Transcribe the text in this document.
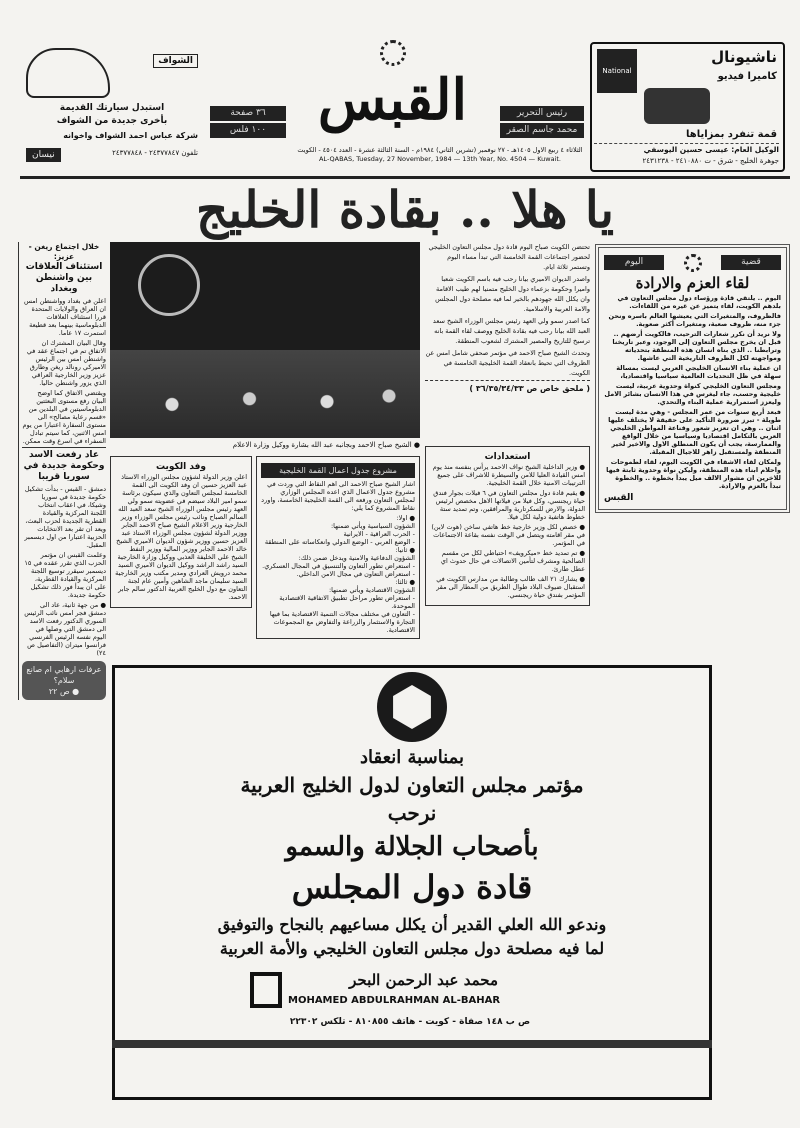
الشواف
استبدل سيارتك القديمة
بأخرى جديدة من الشواف
شركة عباس احمد الشواف واخوانه
نيسان	تلفون ٢٤٣٧٧٨٤٧ - ٢٤٣٧٧٨٤٨
٣٦ صفحة
١٠٠ فلس القبس	رئيس التحرير
محمد جاسم الصقر
الثلاثاء ٤ ربيع الاول ١٤٠٥هـ - ٢٧ نوفمبر (تشرين الثاني) ١٩٨٤م - السنة الثالثة عشرة - العدد ٤٥٠٤ - الكويت
AL-QABAS, Tuesday, 27 November, 1984 — 13th Year, No. 4504 — Kuwait.
National
ناشيونال
كاميرا فيديو
قمة تنفرد بمزاياها
الوكيل العام: عيسى حسين اليوسفي
جوهرة الخليج - شرق - ت ٢٤١٠٨٨٠ - ٢٤٣١٢٣٨
يا هلا .. بقادة الخليج
خلال اجتماع ريغن - عزيز:
استئناف العلاقات بين واشنطن وبغداد

اعلن في بغداد وواشنطن امس ان العراق والولايات المتحدة قررا استئناف العلاقات الدبلوماسية بينهما بعد قطيعة استمرت ١٧ عاما.

وقال البيان المشترك ان الاتفاق تم في اجتماع عقد في واشنطن امس بين الرئيس الاميركي رونالد ريغن وطارق عزيز وزير الخارجية العراقي الذي يزور واشنطن حاليا.

ويقتضي الاتفاق كما اوضح البيان رفع مستوى البعثتين الدبلوماسيتين في البلدين من «قسم رعاية مصالح» الى مستوى السفارة اعتبارا من يوم امس الاثنين، كما سيتم تبادل السفراء في اسرع وقت ممكن.

عاد رفعت الاسد وحكومة جديدة في سوريا قريبا

دمشق - القبس - بدأت تشكيل حكومة جديدة في سوريا وشيكا، في اعقاب انتخاب اللجنة المركزية والقيادة القطرية الجديدة لحزب البعث، ويعد ان تقر بعد الانتخابات الحزبية اعتبارا من اول ديسمبر المقبل.

وعلمت القبس ان مؤتمر الحزب الذي تقرر عقده في ١٥ ديسمبر سيقرر توسيع اللجنة المركزية والقيادة القطرية، على ان يبدأ فور ذلك تشكيل حكومة جديدة.

● من جهة ثانية، عاد الى دمشق فجر امس نائب الرئيس السوري الدكتور رفعت الاسد الى دمشق التي وصلها في اليوم نفسه الرئيس الفرنسي فرانسوا ميتران (التفاصيل ص ٢٤)

عرفات ارهابي ام صانع سلام؟
● ص ٢٢
● الشيخ صباح الاحمد وبجانبه عبد الله بشارة ووكيل وزارة الاعلام

تحتضن الكويت صباح اليوم قادة دول مجلس التعاون الخليجي لحضور اجتماعات القمة الخامسة التي تبدأ مساء اليوم وتستمر ثلاثة ايام.

واصدر الديوان الاميري بيانا رحب فيه باسم الكويت شعبا واميرا وحكومة بزعماء دول الخليج متمنيا لهم طيب الاقامة وان يكلل الله جهودهم بالخير لما فيه مصلحة دول المجلس والامة العربية والاسلامية.

كما اصدر سمو ولي العهد رئيس مجلس الوزراء الشيخ سعد العبد الله بيانا رحب فيه بقادة الخليج ووصف لقاء القمة بانه ترسيخ للتاريخ والمصير المشترك لشعوب المنطقة.

وتحدث الشيخ صباح الاحمد في مؤتمر صحفي شامل امس عن الظروف التي تحيط بانعقاد القمة الخليجية الخامسة في الكويت.

( ملحق خاص ص ٣٦/٣٥/٣٤/٣٣ )
قضية
اليوم
لقاء العزم والارادة

اليوم .. يلتقي قادة ورؤساء دول مجلس التعاون في بلدهم الكويت، لقاء يتميز عن غيره من اللقاءات.

فالظروف، والمتغيرات التي يعيشها العالم باسره ونحن جزء منه، ظروف صعبة، ومتغيرات أكثر صعوبة.

ولا نريد أن نكرر شعارات الترحيب، فالكويت أرضهم .. قبل ان يخرج مجلس التعاون إلى الوجود، وعبر تاريخنا وترابطنا .. الذي بناه انسان هذه المنطقة بتحدياته ومواجهته لكل الظروف التاريخية التي عاشها.

ان عملية بناء الانسان الخليجي العربي ليست بمسالة سهلة في ظل التحديات العالمية سياسيا واقتصاديا،

ومجلس التعاون الخليجي كنواة وحدوية عربية، ليست خليجية وحسب، جاء ليغرس في هذا الانسان بشائر الامل وليعزز استمرارية عملية البناء والتحدي.

فبعد أربع سنوات من عمر المجلس - وهي مدة ليست طويلة - تبرز ضرورة التأكيد على حقيقة لا يختلف عليها اثنان .. وهي ان تعزيز شعور وقناعة المواطن الخليجي العربي بالتكامل اقتصاديا وسياسيا من خلال الواقع والممارسة، يجب أن يكون المنطلق الاول والاخير لخير المنطقة ولمستقبل زاهر للاجيال المقبلة.

ولمكان لقاء الاشقاء في الكويت اليوم، لقاء لطموحات واحلام ابناء هذه المنطقة، وليكن نواة وحدوية ثابتة فيها للاخرين ان مشوار الالف ميل يبدأ بخطوة .. والخطوة تبدأ بالعزم والارادة.

القبس
وفد الكويت

اعلن وزير الدولة لشؤون مجلس الوزراء الاستاذ عبد العزيز حسين ان وفد الكويت الى القمة الخامسة لمجلس التعاون والذي سيكون برئاسة سمو امير البلاد سيضم في عضويته سمو ولي العهد رئيس مجلس الوزراء الشيخ سعد العبد الله السالم الصباح ونائب رئيس مجلس الوزراء وزير الخارجية وزير الاعلام الشيخ صباح الاحمد الجابر ووزير الدولة لشؤون مجلس الوزراء الاستاذ عبد العزيز حسين ووزير شؤون الديوان الاميري الشيخ خالد الاحمد الجابر ووزير المالية ووزير النفط الشيخ علي الخليفة العذبي ووكيل وزارة الخارجية السيد راشد الراشد ووكيل الديوان الاميري السيد محمد درويش العرادي ومدير مكتب وزير الخارجية السيد سليمان ماجد الشاهين وأمين عام لجنة التعاون مع دول الخليج العربية الدكتور سالم جابر الاحمد.

مشروع جدول اعمال القمة الخليجية

اشار الشيخ صباح الاحمد الى اهم النقاط التي وردت في مشروع جدول الاعمال الذي اعده المجلس الوزاري لمجلس التعاون ورفعه الى القمة الخليجية الخامسة، واورد نقاط المشروع كما يلي:

● اولا:
الشؤون السياسية ويأتي ضمنها:
- الحرب العراقية - الايرانية
- الوضع العربي - الوضع الدولي وانعكاساته على المنطقة
● ثانيا:
الشؤون الدفاعية والامنية ويدخل ضمن ذلك:
- استعراض تطور التعاون والتنسيق في المجال العسكري.
- استعراض التعاون في مجال الامن الداخلي.
● ثالثا:
الشؤون الاقتصادية ويأتي ضمنها:
- استعراض تطور مراحل تطبيق الاتفاقية الاقتصادية الموحدة.
- التعاون في مختلف مجالات التنمية الاقتصادية بما فيها التجارة والاستثمار والزراعة والتفاوض مع المجموعات الاقتصادية.
استعدادات

● وزير الداخلية الشيخ نواف الاحمد يرأس بنفسه منذ يوم امس القيادة العليا للامن والسيطرة للاشراف على جميع الترتيبات الامنية خلال القمة الخليجية.

● يقيم قادة دول مجلس التعاون في ٦ فيلات بجوار فندق حياة ريجنسي، وكل فيلا من فيلاتها الاهل مخصص لرئيس الدولة، والارض للسكرتارية والمرافقين، وتم تمديد ستة خطوط هاتفية دولية لكل فيلا.

● خصص لكل وزير خارجية خط هاتفي ساخن (هوت لاين) في مقر اقامته ويتصل في الوقت نفسه بقاعة الاجتماعات في المؤتمر.

● تم تمديد خط «ميكرويف» احتياطي لكل من مقسم الصالحية ومشرف لتأمين الاتصالات في حال حدوث اي عطل طارئ.

● يشارك ٢١ الف طالب وطالبة من مدارس الكويت في استقبال ضيوف البلاد طوال الطريق من المطار الى مقر المؤتمر بفندق حياة ريجنسي.

بمناسبة انعقاد
مؤتمر مجلس التعاون لدول الخليج العربية
نرحب
بأصحاب الجلالة والسمو
قادة دول المجلس
وندعو الله العلي القدير أن يكلل مساعيهم بالنجاح والتوفيق
لما فيه مصلحة دول مجلس التعاون الخليجي والأمة العربية
محمد عبد الرحمن البحر
MOHAMED ABDULRAHMAN AL-BAHAR
ص ب ١٤٨ صفاة - كويت - هاتف ٨١٠٨٥٥ - تلكس ٢٢٣٠٢
